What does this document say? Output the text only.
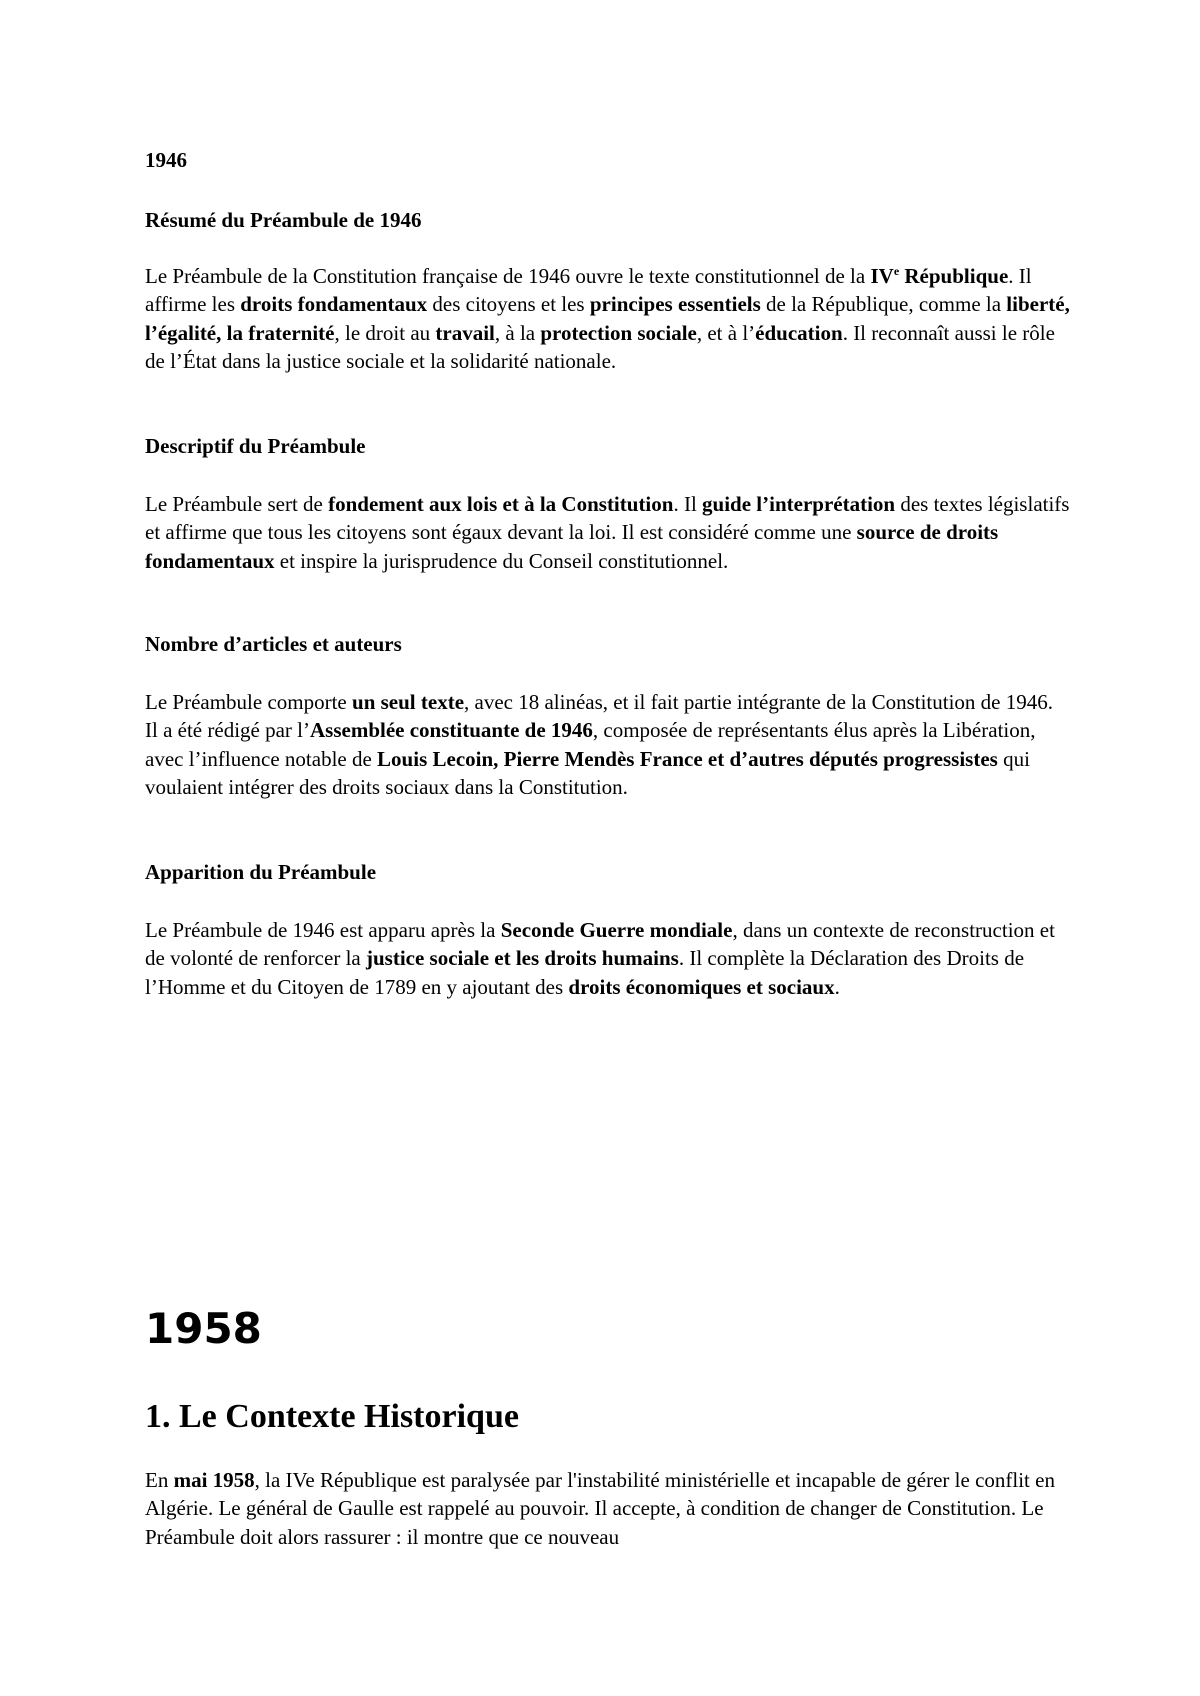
1946

Résumé du Préambule de 1946

Le Préambule de la Constitution française de 1946 ouvre le texte constitutionnel de la IVe République. Il affirme les droits fondamentaux des citoyens et les principes essentiels de la République, comme la liberté, l’égalité, la fraternité, le droit au travail, à la protection sociale, et à l’éducation. Il reconnaît aussi le rôle de l’État dans la justice sociale et la solidarité nationale.

Descriptif du Préambule

Le Préambule sert de fondement aux lois et à la Constitution. Il guide l’interprétation des textes législatifs et affirme que tous les citoyens sont égaux devant la loi. Il est considéré comme une source de droits fondamentaux et inspire la jurisprudence du Conseil constitutionnel.

Nombre d’articles et auteurs

Le Préambule comporte un seul texte, avec 18 alinéas, et il fait partie intégrante de la Constitution de 1946. Il a été rédigé par l’Assemblée constituante de 1946, composée de représentants élus après la Libération, avec l’influence notable de Louis Lecoin, Pierre Mendès France et d’autres députés progressistes qui voulaient intégrer des droits sociaux dans la Constitution.

Apparition du Préambule

Le Préambule de 1946 est apparu après la Seconde Guerre mondiale, dans un contexte de reconstruction et de volonté de renforcer la justice sociale et les droits humains. Il complète la Déclaration des Droits de l’Homme et du Citoyen de 1789 en y ajoutant des droits économiques et sociaux.

1958

1. Le Contexte Historique

En mai 1958, la IVe République est paralysée par l'instabilité ministérielle et incapable de gérer le conflit en Algérie. Le général de Gaulle est rappelé au pouvoir. Il accepte, à condition de changer de Constitution. Le Préambule doit alors rassurer : il montre que ce nouveau
